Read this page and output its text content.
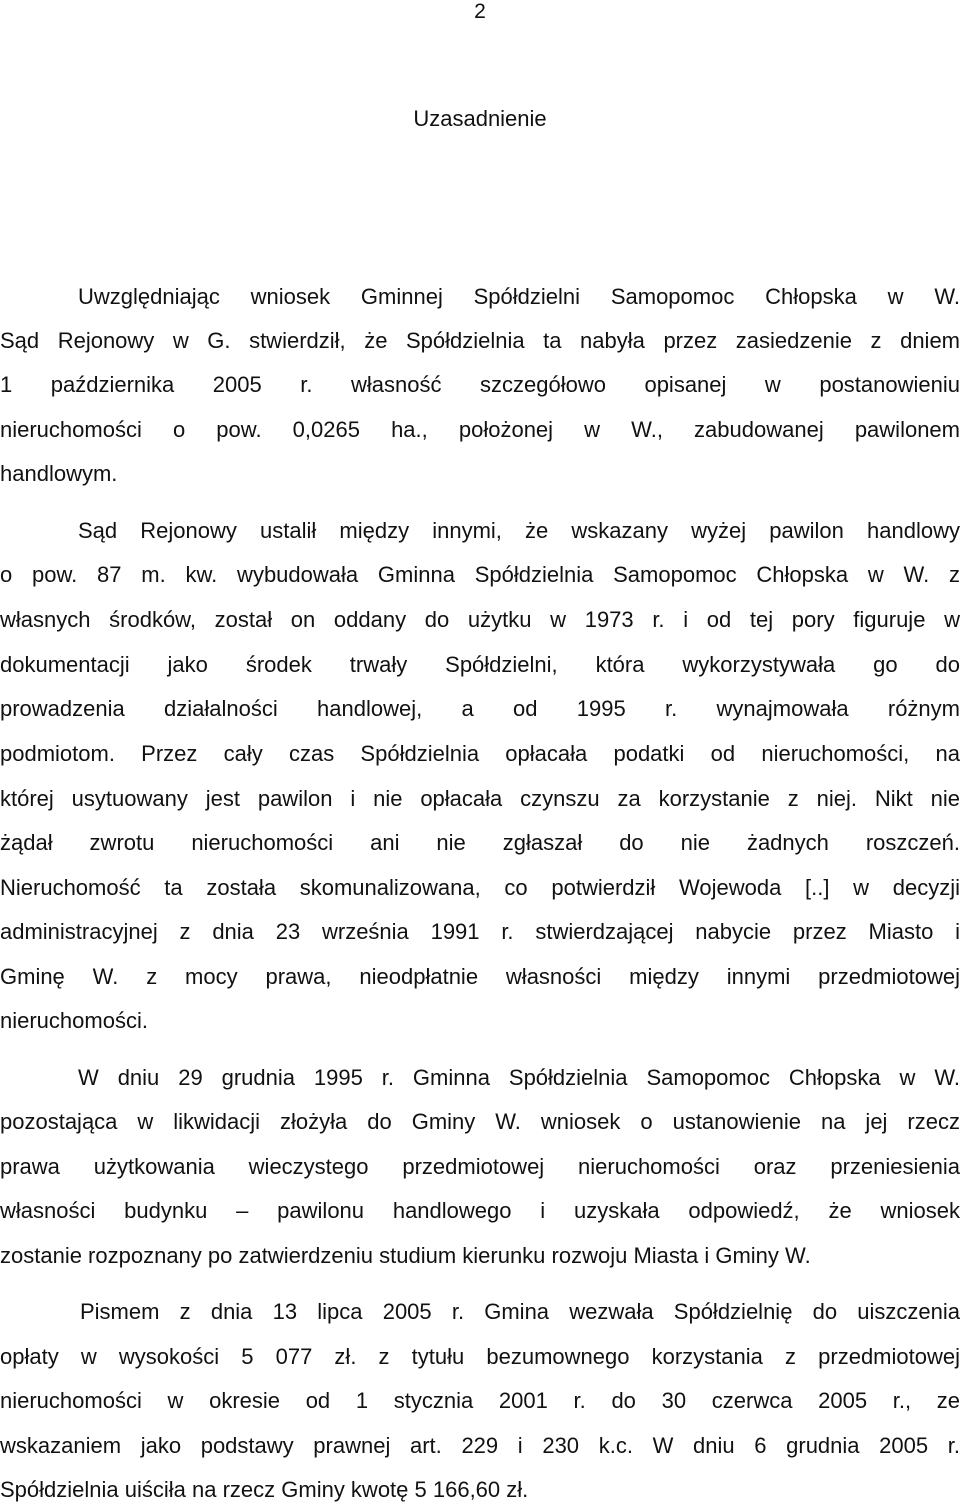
2
Uzasadnienie

Uwzględniając wniosek Gminnej Spółdzielni Samopomoc Chłopska w W.

Sąd Rejonowy w G. stwierdził, że Spółdzielnia ta nabyła przez zasiedzenie z dniem

1 października 2005 r. własność szczegółowo opisanej w postanowieniu

nieruchomości o pow. 0,0265 ha., położonej w W., zabudowanej pawilonem

handlowym.

Sąd Rejonowy ustalił między innymi, że wskazany wyżej pawilon handlowy

o pow. 87 m. kw. wybudowała Gminna Spółdzielnia Samopomoc Chłopska w W. z

własnych środków, został on oddany do użytku w 1973 r. i od tej pory figuruje w

dokumentacji jako środek trwały Spółdzielni, która wykorzystywała go do

prowadzenia działalności handlowej, a od 1995 r. wynajmowała różnym

podmiotom. Przez cały czas Spółdzielnia opłacała podatki od nieruchomości, na

której usytuowany jest pawilon i nie opłacała czynszu za korzystanie z niej. Nikt nie

żądał zwrotu nieruchomości ani nie zgłaszał do nie żadnych roszczeń.

Nieruchomość ta została skomunalizowana, co potwierdził Wojewoda [..] w decyzji

administracyjnej z dnia 23 września 1991 r. stwierdzającej nabycie przez Miasto i

Gminę W. z mocy prawa, nieodpłatnie własności między innymi przedmiotowej

nieruchomości.

W dniu 29 grudnia 1995 r. Gminna Spółdzielnia Samopomoc Chłopska w W.

pozostająca w likwidacji złożyła do Gminy W. wniosek o ustanowienie na jej rzecz

prawa użytkowania wieczystego przedmiotowej nieruchomości oraz przeniesienia

własności budynku – pawilonu handlowego i uzyskała odpowiedź, że wniosek

zostanie rozpoznany po zatwierdzeniu studium kierunku rozwoju Miasta i Gminy W.

Pismem z dnia 13 lipca 2005 r. Gmina wezwała Spółdzielnię do uiszczenia

opłaty w wysokości 5 077 zł. z tytułu bezumownego korzystania z przedmiotowej

nieruchomości w okresie od 1 stycznia 2001 r. do 30 czerwca 2005 r., ze

wskazaniem jako podstawy prawnej art. 229 i 230 k.c. W dniu 6 grudnia 2005 r.

Spółdzielnia uiściła na rzecz Gminy kwotę 5 166,60 zł.
